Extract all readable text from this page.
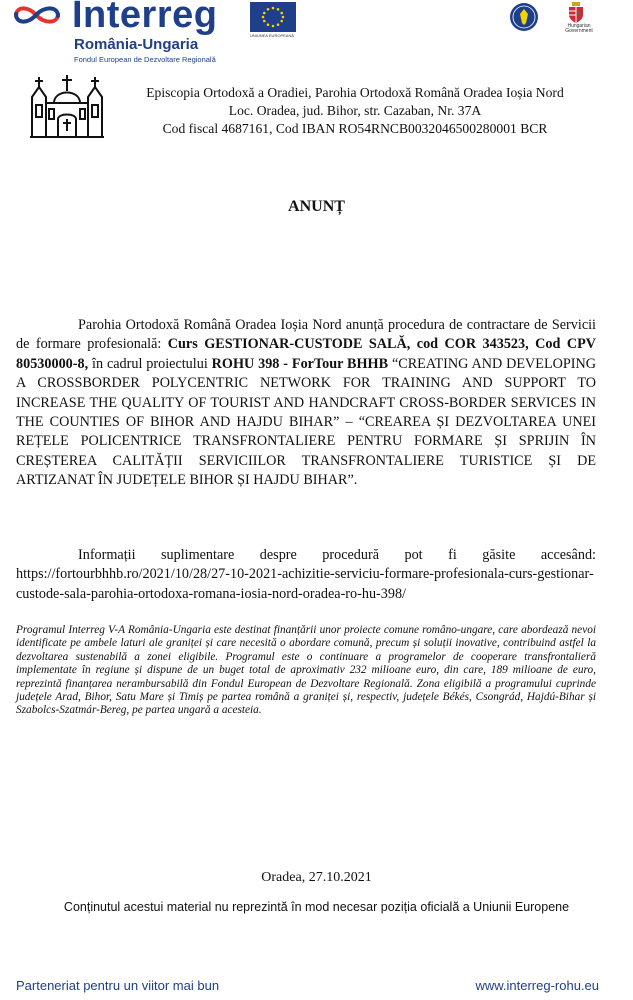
Interreg
România-Ungaria
Fondul European de Dezvoltare Regională
UNIUNEA EUROPEANĂ
Hungarian
Government
Episcopia Ortodoxă a Oradiei, Parohia Ortodoxă Română Oradea Ioșia Nord
Loc. Oradea, jud. Bihor, str. Cazaban, Nr. 37A
Cod fiscal 4687161, Cod IBAN RO54RNCB0032046500280001 BCR
ANUNȚ
Parohia Ortodoxă Română Oradea Ioșia Nord anunță procedura de contractare de Servicii de formare profesională: Curs GESTIONAR-CUSTODE SALĂ, cod COR 343523, Cod CPV 80530000-8, în cadrul proiectului ROHU 398 - ForTour BHHB “CREATING AND DEVELOPING A CROSSBORDER POLYCENTRIC NETWORK FOR TRAINING AND SUPPORT TO INCREASE THE QUALITY OF TOURIST AND HANDCRAFT CROSS-BORDER SERVICES IN THE COUNTIES OF BIHOR AND HAJDU BIHAR” – “CREAREA ȘI DEZVOLTAREA UNEI REȚELE POLICENTRICE TRANSFRONTALIERE PENTRU FORMARE ȘI SPRIJIN ÎN CREȘTEREA CALITĂȚII SERVICIILOR TRANSFRONTALIERE TURISTICE ȘI DE ARTIZANAT ÎN JUDEȚELE BIHOR ȘI HAJDU BIHAR”.
Informații suplimentare despre procedură pot fi găsite accesând: https://fortourbhhb.ro/2021/10/28/27-10-2021-achizitie-serviciu-formare-profesionala-curs-gestionar-custode-sala-parohia-ortodoxa-romana-iosia-nord-oradea-ro-hu-398/
Programul Interreg V-A România-Ungaria este destinat finanțării unor proiecte comune româno-ungare, care abordează nevoi identificate pe ambele laturi ale graniței și care necesită o abordare comună, precum și soluții inovative, contribuind astfel la dezvoltarea sustenabilă a zonei eligibile. Programul este o continuare a programelor de cooperare transfrontalieră implementate în regiune și dispune de un buget total de aproximativ 232 milioane euro, din care, 189 milioane de euro, reprezintă finanțarea nerambursabilă din Fondul European de Dezvoltare Regională. Zona eligibilă a programului cuprinde județele Arad, Bihor, Satu Mare și Timiș pe partea română a graniței și, respectiv, județele Békés, Csongrád, Hajdú-Bihar și Szabolcs-Szatmár-Bereg, pe partea ungară a acesteia.
Oradea, 27.10.2021
Conținutul acestui material nu reprezintă în mod necesar poziția oficială a Uniunii Europene
Parteneriat pentru un viitor mai bun	www.interreg-rohu.eu
